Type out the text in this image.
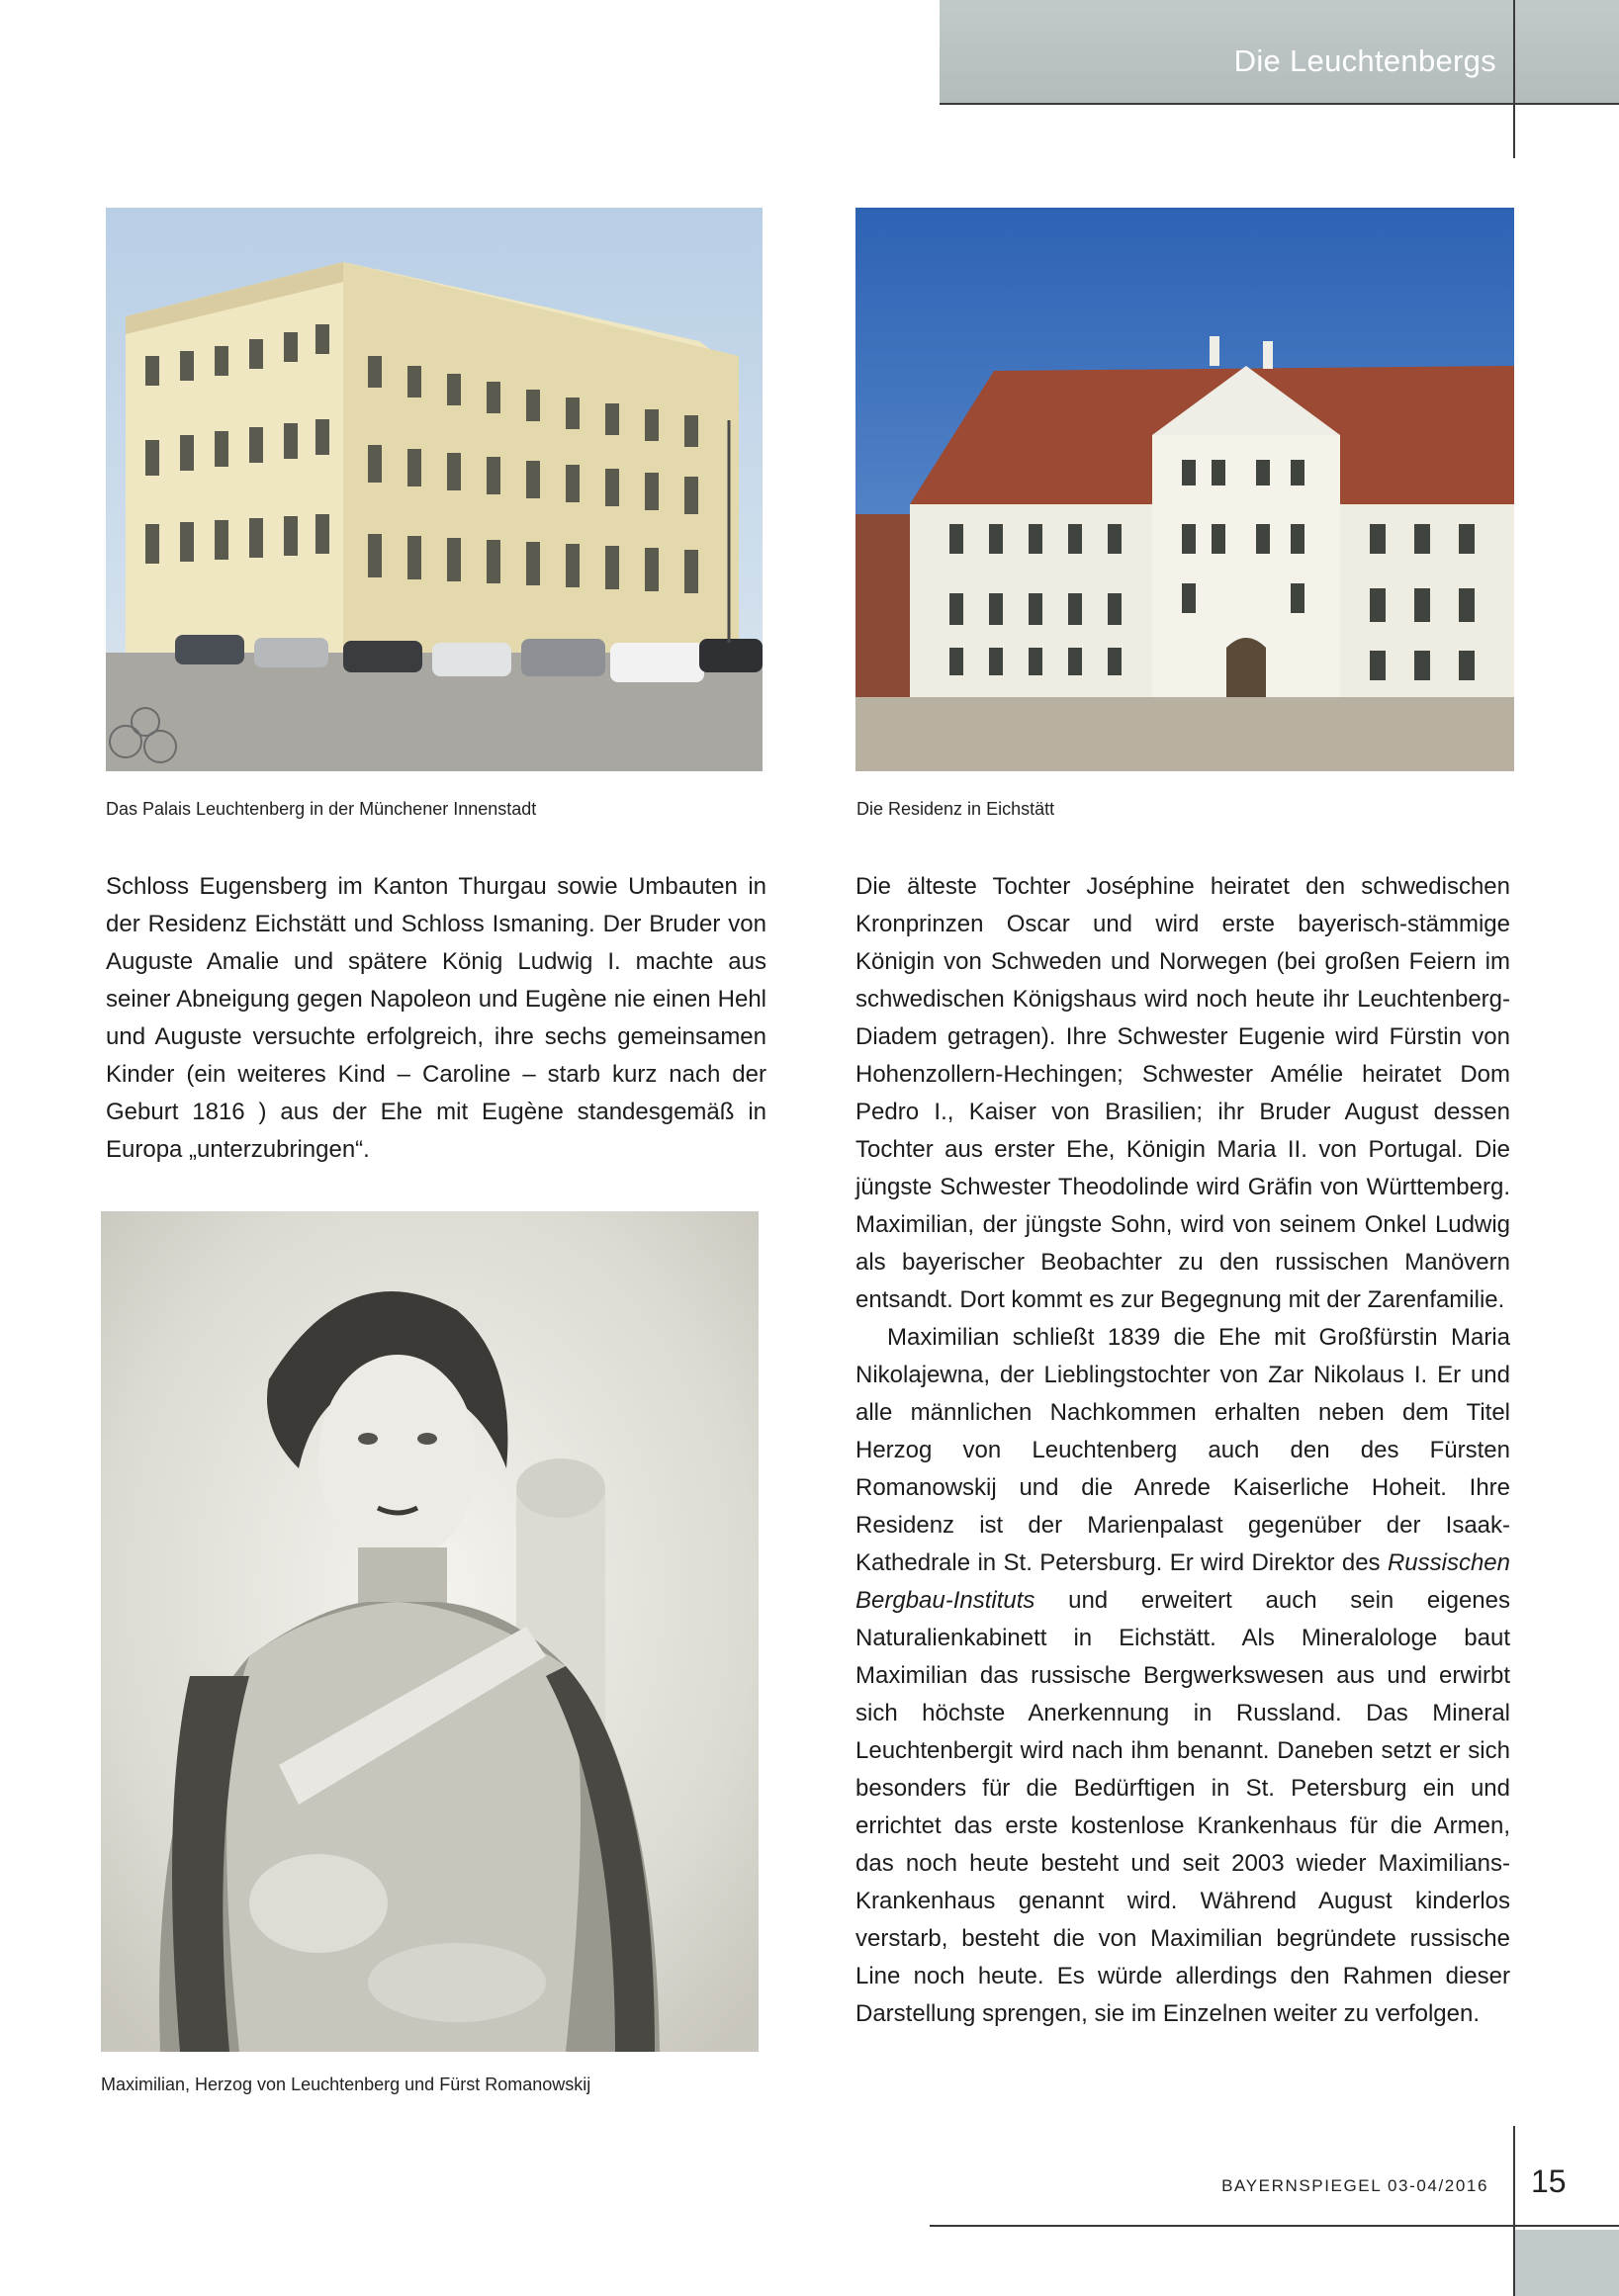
Die Leuchtenbergs
Das Palais Leuchtenberg in der Münchener Innenstadt	Die Residenz in Eichstätt

Schloss Eugensberg im Kanton Thurgau sowie Umbauten in der Residenz Eichstätt und Schloss Ismaning. Der Bruder von Auguste Amalie und spätere König Ludwig I. machte aus seiner Abneigung gegen Napoleon und Eugène nie einen Hehl und Auguste versuchte erfolgreich, ihre sechs gemeinsamen Kinder (ein weiteres Kind – Caroline – starb kurz nach der Geburt 1816 ) aus der Ehe mit Eugène standesgemäß in Europa „unterzubringen“.

Maximilian, Herzog von Leuchtenberg und Fürst Romanowskij

Die älteste Tochter Joséphine heiratet den schwedischen Kronprinzen Oscar und wird erste bayerisch-stämmige Königin von Schweden und Norwegen (bei großen Feiern im schwedischen Königshaus wird noch heute ihr Leuchtenberg-Diadem getragen). Ihre Schwester Eugenie wird Fürstin von Hohenzollern-Hechingen; Schwester Amélie heiratet Dom Pedro I., Kaiser von Brasilien; ihr Bruder August dessen Tochter aus erster Ehe, Königin Maria II. von Portugal. Die jüngste Schwester Theodolinde wird Gräfin von Württemberg. Maximilian, der jüngste Sohn, wird von seinem Onkel Ludwig als bayerischer Beobachter zu den russischen Manövern entsandt. Dort kommt es zur Begegnung mit der Zarenfamilie.

Maximilian schließt 1839 die Ehe mit Großfürstin Maria Nikolajewna, der Lieblingstochter von Zar Nikolaus I. Er und alle männlichen Nachkommen erhalten neben dem Titel Herzog von Leuchtenberg auch den des Fürsten Romanowskij und die Anrede Kaiserliche Hoheit. Ihre Residenz ist der Marienpalast gegenüber der Isaak-Kathedrale in St. Petersburg. Er wird Direktor des Russischen Bergbau-Instituts und erweitert auch sein eigenes Naturalienkabinett in Eichstätt. Als Mineralologe baut Maximilian das russische Bergwerkswesen aus und erwirbt sich höchste Anerkennung in Russland. Das Mineral Leuchtenbergit wird nach ihm benannt. Daneben setzt er sich besonders für die Bedürftigen in St. Petersburg ein und errichtet das erste kostenlose Krankenhaus für die Armen, das noch heute besteht und seit 2003 wieder Maximilians-Krankenhaus genannt wird. Während August kinderlos verstarb, besteht die von Maximilian begründete russische Line noch heute. Es würde allerdings den Rahmen dieser Darstellung sprengen, sie im Einzelnen weiter zu verfolgen.

BAYERNSPIEGEL 03-04/2016 15
